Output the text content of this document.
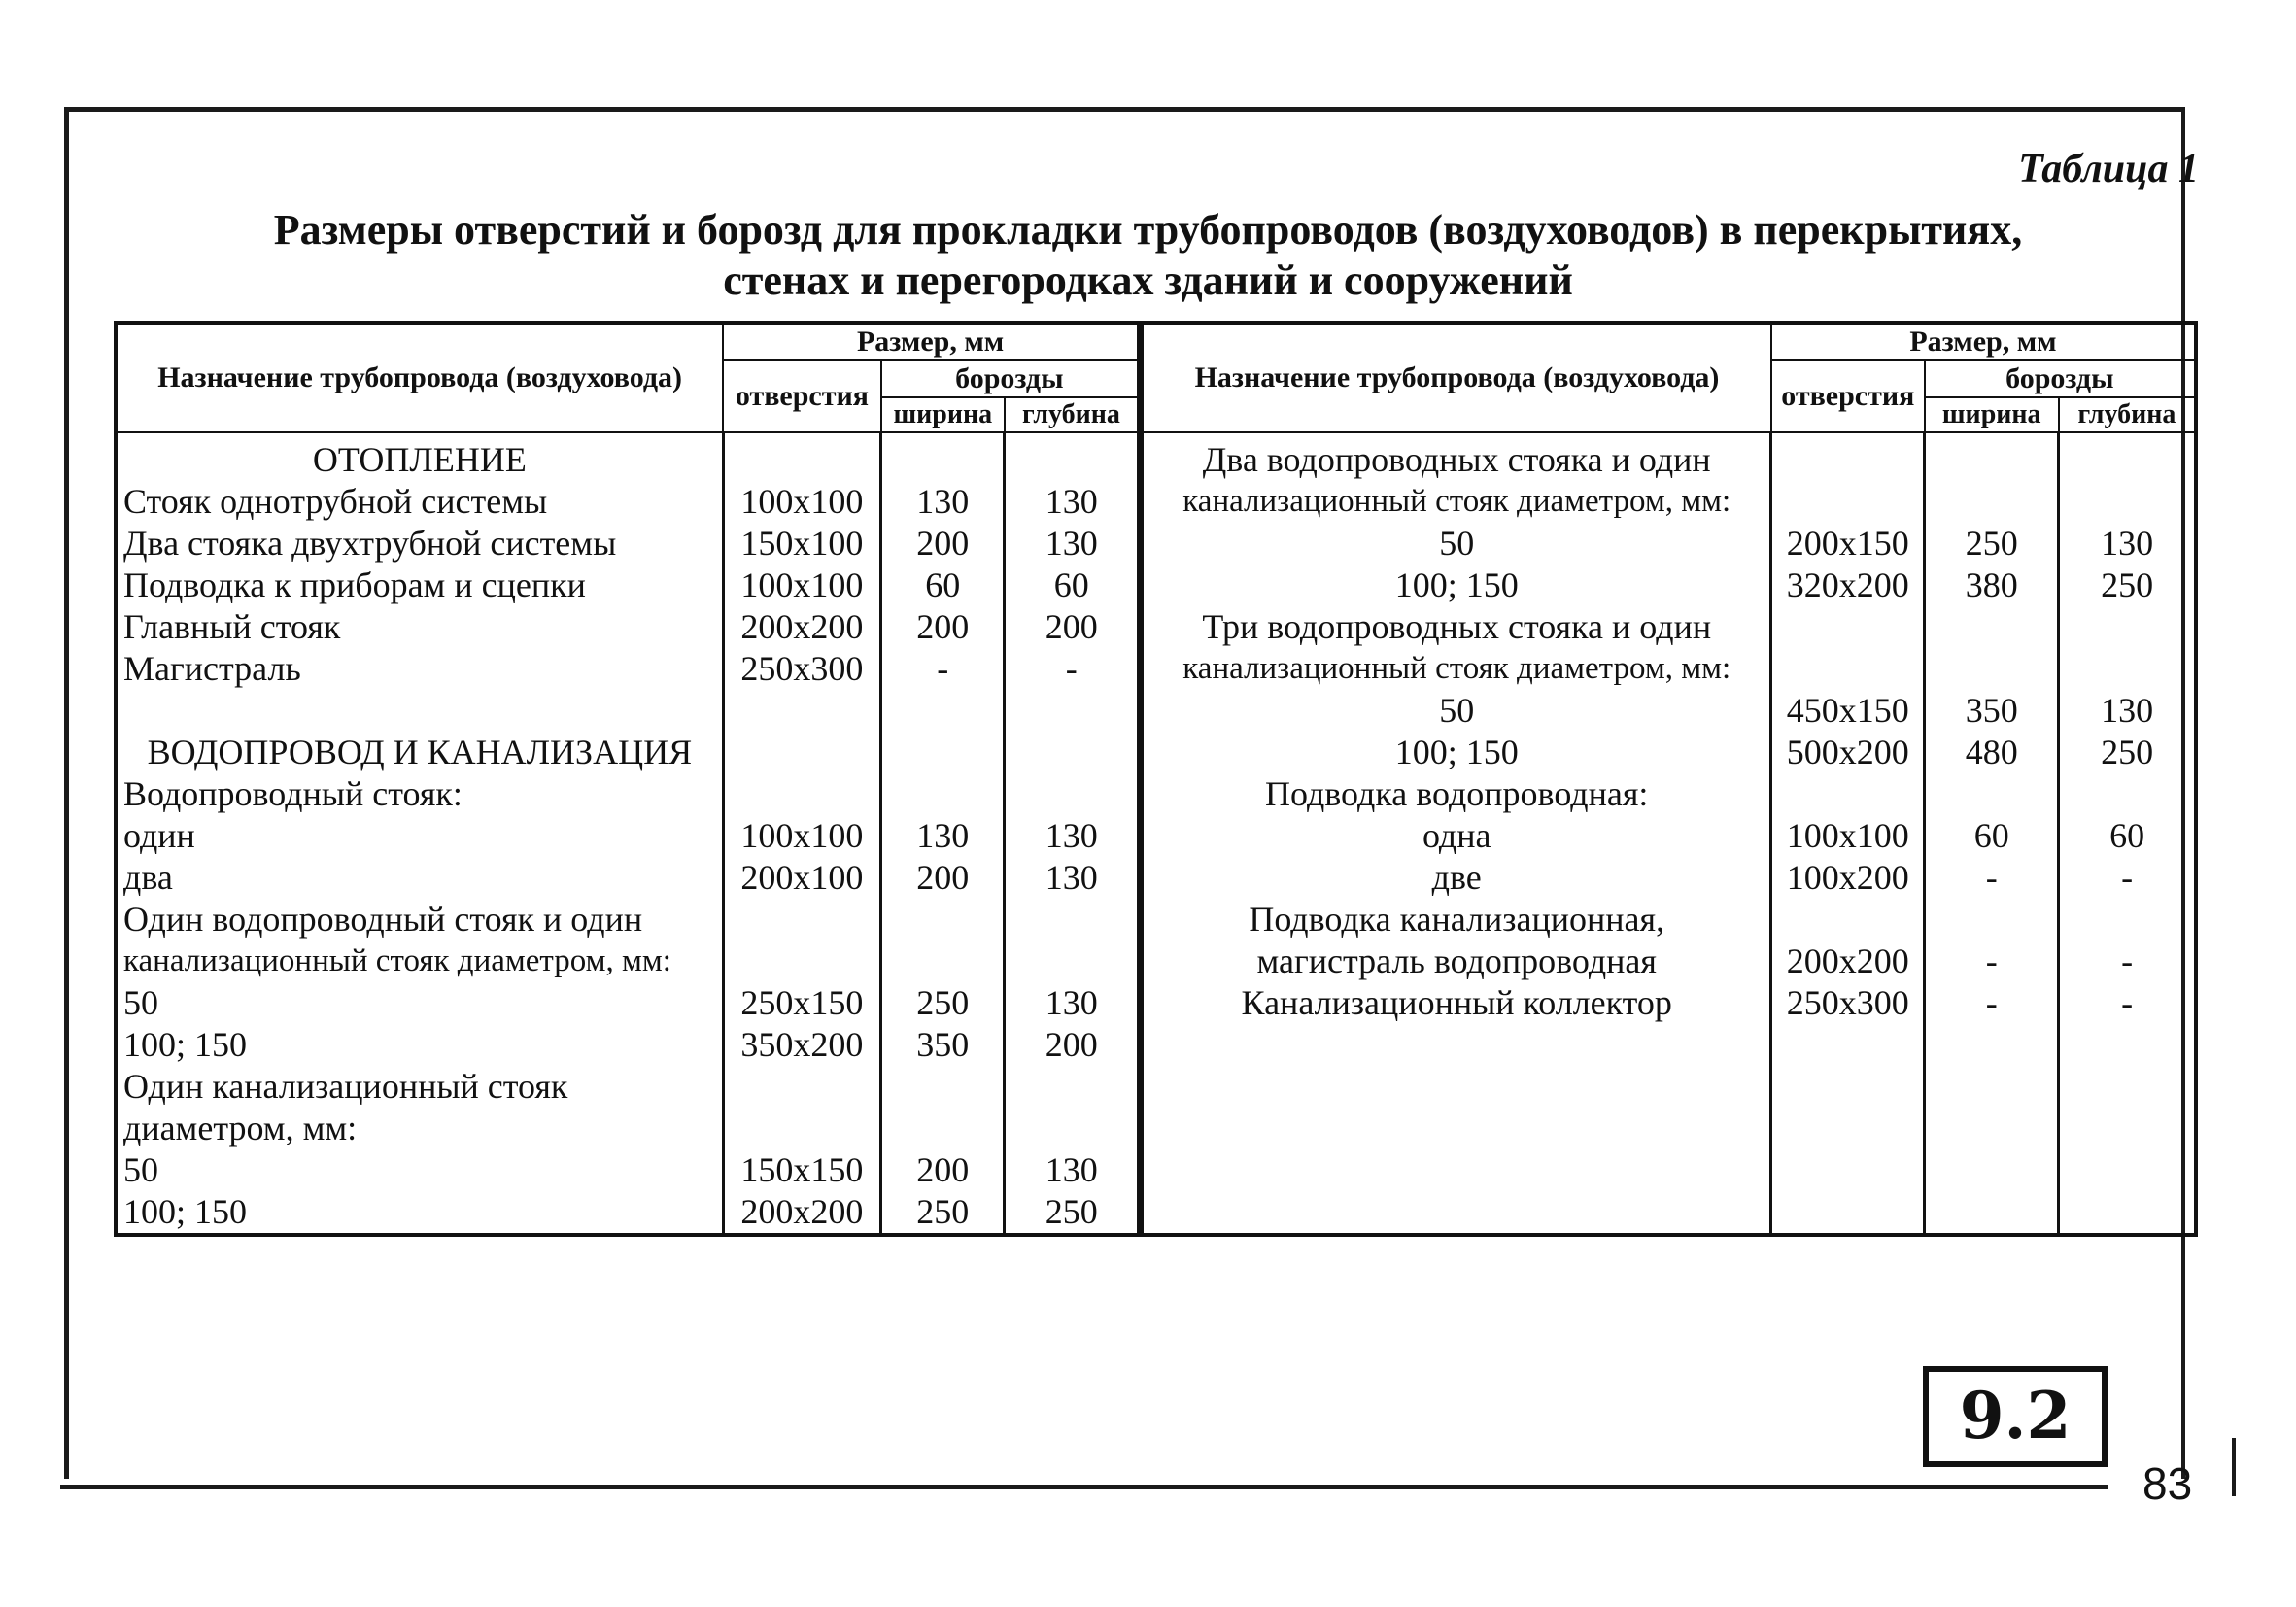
Таблица 1
Размеры отверстий и борозд для прокладки трубопроводов (воздуховодов) в перекрытиях,
стенах и перегородках зданий и сооружений
Назначение трубопровода (воздуховода)	Размер, мм		
	отверстия	борозды	
		ширина	глубина
ОТОПЛЕНИЕ			
Стояк однотрубной системы	100х100	130	130
Два стояка двухтрубной системы	150х100	200	130
Подводка к приборам и сцепки	100х100	60	60
Главный стояк	200х200	200	200
Магистраль	250х300	-	-

ВОДОПРОВОД И КАНАЛИЗАЦИЯ			
Водопроводный стояк:			
один	100х100	130	130
два	200х100	200	130
Один водопроводный стояк и один			
канализационный стояк диаметром, мм:			
50	250х150	250	130
100; 150	350х200	350	200
Один канализационный стояк			
диаметром, мм:			
50	150х150	200	130
100; 150	200х200	250	250
Назначение трубопровода (воздуховода)	Размер, мм		
	отверстия	борозды	
		ширина	глубина
Два водопроводных стояка и один			
канализационный стояк диаметром, мм:			
50	200х150	250	130
100; 150	320х200	380	250
Три водопроводных стояка и один			
канализационный стояк диаметром, мм:			
50	450х150	350	130
100; 150	500х200	480	250
Подводка водопроводная:			
одна	100х100	60	60
две	100х200	-	-
Подводка канализационная,			
магистраль водопроводная	200х200	-	-
Канализационный коллектор	250х300	-	-

9.2
83
